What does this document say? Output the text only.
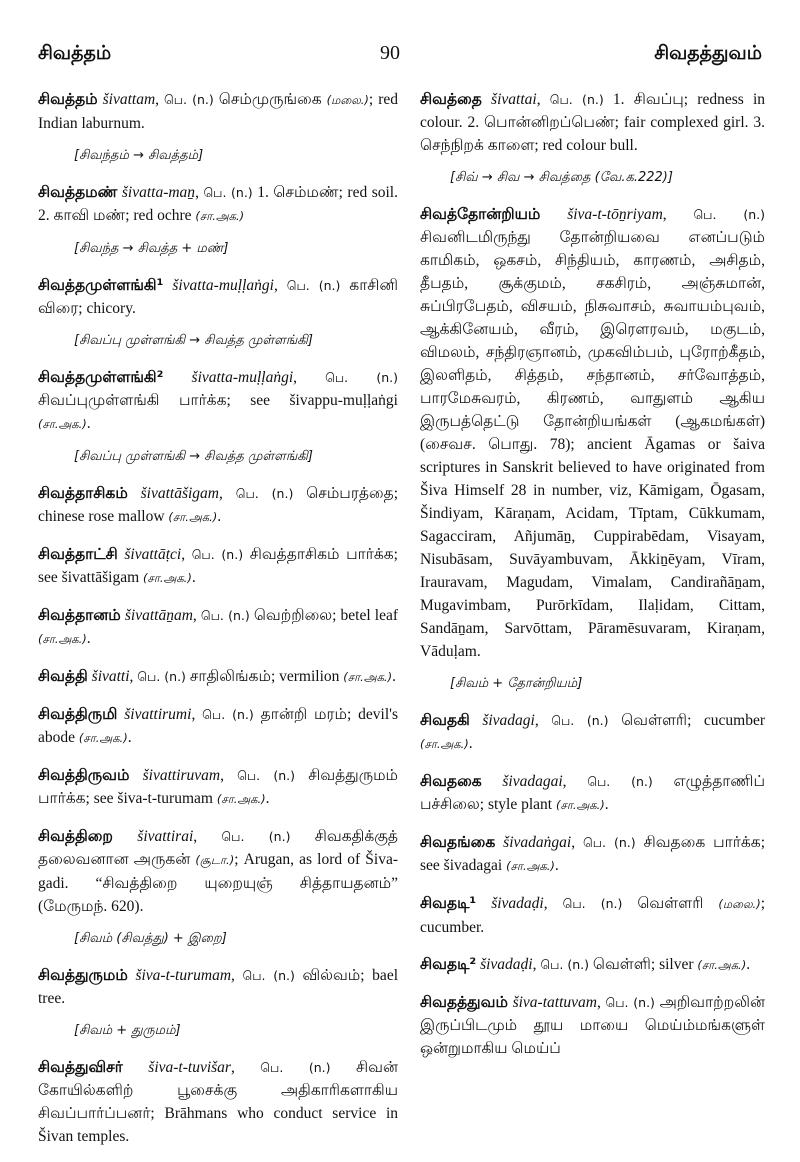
சிவத்தம்	90	சிவதத்துவம்
சிவத்தம் šivattam, பெ. (n.) செம்முருங்கை (மலை.); red Indian laburnum.
[சிவந்தம் → சிவத்தம்]
சிவத்தமண் šivatta-maṉ, பெ. (n.) 1. செம்மண்; red soil. 2. காவி மண்; red ochre (சா.அக.)
[சிவந்த → சிவத்த + மண்]
சிவத்தமுள்ளங்கி¹ šivatta-muḷḷaṅgi, பெ. (n.) காசினி விரை; chicory.
[சிவப்பு முள்ளங்கி → சிவத்த முள்ளங்கி]
சிவத்தமுள்ளங்கி² šivatta-muḷḷaṅgi, பெ. (n.) சிவப்புமுள்ளங்கி பார்க்க; see šivappu-muḷḷaṅgi (சா.அக.).
[சிவப்பு முள்ளங்கி → சிவத்த முள்ளங்கி]
சிவத்தாசிகம் šivattāšigam, பெ. (n.) செம்பரத்தை; chinese rose mallow (சா.அக.).
சிவத்தாட்சி šivattāṭci, பெ. (n.) சிவத்தாசிகம் பார்க்க; see šivattāšigam (சா.அக.).
சிவத்தானம் šivattāṉam, பெ. (n.) வெற்றிலை; betel leaf (சா.அக.).
சிவத்தி šivatti, பெ. (n.) சாதிலிங்கம்; vermilion (சா.அக.).
சிவத்திருமி šivattirumi, பெ. (n.) தான்றி மரம்; devil's abode (சா.அக.).
சிவத்திருவம் šivattiruvam, பெ. (n.) சிவத்துருமம் பார்க்க; see šiva-t-turumam (சா.அக.).
சிவத்திறை šivattirai, பெ. (n.) சிவகதிக்குத் தலைவனான அருகன் (சூடா.); Arugan, as lord of Šiva-gadi. “சிவத்திறை யுறையுஞ் சித்தாயதனம்” (மேருமந். 620).
[சிவம் (சிவத்து) + இறை]
சிவத்துருமம் šiva-t-turumam, பெ. (n.) வில்வம்; bael tree.
[சிவம் + துருமம்]
சிவத்துவிசர் šiva-t-tuvišar, பெ. (n.) சிவன் கோயில்களிற் பூசைக்கு அதிகாரிகளாகிய சிவப்பார்ப்பனர்; Brāhmans who conduct service in Šivan temples.
சிவத்தை šivattai, பெ. (n.) 1. சிவப்பு; redness in colour. 2. பொன்னிறப்பெண்; fair complexed girl. 3. செந்நிறக் காளை; red colour bull.
[சிவ் → சிவ → சிவத்தை (வே.க.222)]
சிவத்தோன்றியம் šiva-t-tōṉriyam, பெ. (n.) சிவனிடமிருந்து தோன்றியவை எனப்படும் காமிகம், ஒகசம், சிந்தியம், காரணம், அசிதம், தீபதம், சூக்குமம், சகசிரம், அஞ்சுமான், சுப்பிரபேதம், விசயம், நிசுவாசம், சுவாயம்புவம், ஆக்கினேயம், வீரம், இரௌரவம், மகுடம், விமலம், சந்திரஞானம், முகவிம்பம், புரோற்கீதம், இலளிதம், சித்தம், சந்தானம், சர்வோத்தம், பாரமேசுவரம், கிரணம், வாதுளம் ஆகிய இருபத்தெட்டு தோன்றியங்கள் (ஆகமங்கள்) (சைவச. பொது. 78); ancient Āgamas or šaiva scriptures in Sanskrit believed to have originated from Šiva Himself 28 in number, viz, Kāmigam, Ōgasam, Šindiyam, Kāraṇam, Acidam, Tīptam, Cūkkumam, Sagacciram, Añjumāṉ, Cuppirabēdam, Visayam, Nisubāsam, Suvāyambuvam, Ākkiṉēyam, Vīram, Irauravam, Magudam, Vimalam, Candirañāṉam, Mugavimbam, Purōrkīdam, Ilaḷidam, Cittam, Sandāṉam, Sarvōttam, Pāramēsuvaram, Kiraṇam, Vāduḷam.
[சிவம் + தோன்றியம்]
சிவதகி šivadagi, பெ. (n.) வெள்ளரி; cucumber (சா.அக.).
சிவதகை šivadagai, பெ. (n.) எழுத்தாணிப் பச்சிலை; style plant (சா.அக.).
சிவதங்கை šivadaṅgai, பெ. (n.) சிவதகை பார்க்க; see šivadagai (சா.அக.).
சிவதடி¹ šivadaḍi, பெ. (n.) வெள்ளரி (மலை.); cucumber.
சிவதடி² šivadaḍi, பெ. (n.) வெள்ளி; silver (சா.அக.).
சிவதத்துவம் šiva-tattuvam, பெ. (n.) அறிவாற்றலின் இருப்பிடமும் தூய மாயை மெய்ம்மங்களுள் ஒன்றுமாகிய மெய்ப்
